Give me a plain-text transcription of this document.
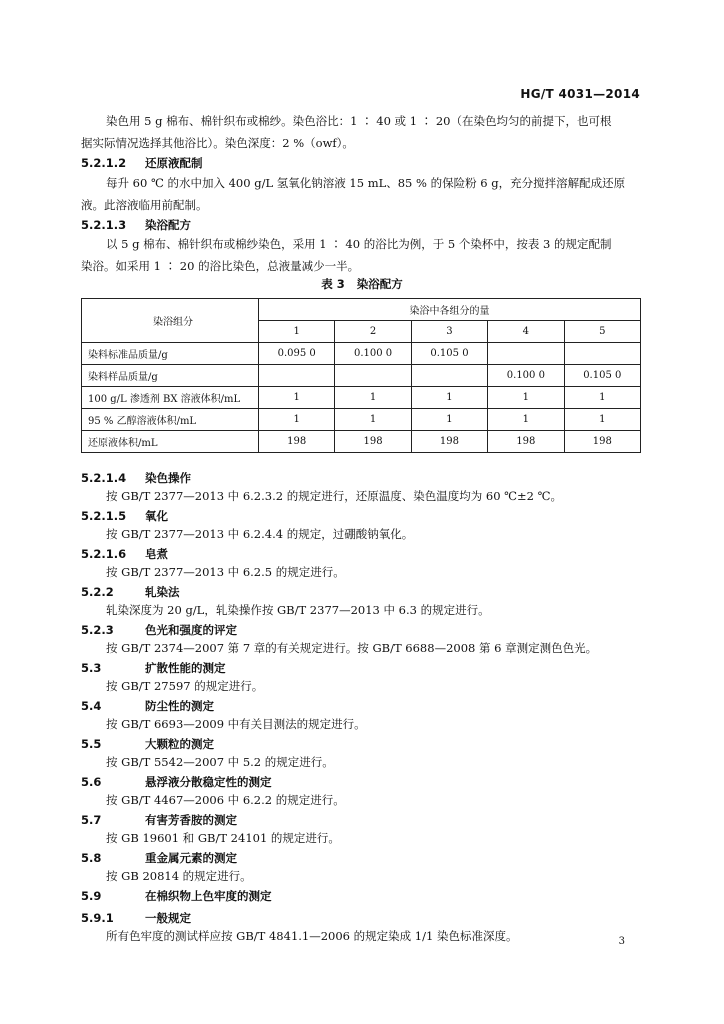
HG/T 4031—2014
染色用 5 g 棉布、棉针织布或棉纱。染色浴比：1 ∶ 40 或 1 ∶ 20（在染色均匀的前提下，也可根
据实际情况选择其他浴比）。染色深度：2 %（owf）。
5.2.1.2 还原液配制
每升 60 ℃ 的水中加入 400 g/L 氢氧化钠溶液 15 mL、85 % 的保险粉 6 g，充分搅拌溶解配成还原
液。此溶液临用前配制。
5.2.1.3 染浴配方
以 5 g 棉布、棉针织布或棉纱染色，采用 1 ∶ 40 的浴比为例，于 5 个染杯中，按表 3 的规定配制
染浴。如采用 1 ∶ 20 的浴比染色，总液量减少一半。
表 3 染浴配方
染浴组分	染浴中各组分的量				
	1	2	3	4	5
染料标准品质量/g	0.095 0	0.100 0	0.105 0		
染料样品质量/g				0.100 0	0.105 0
100 g/L 渗透剂 BX 溶液体积/mL	1	1	1	1	1
95 % 乙醇溶液体积/mL	1	1	1	1	1
还原液体积/mL	198	198	198	198	198
5.2.1.4 染色操作
按 GB/T 2377—2013 中 6.2.3.2 的规定进行，还原温度、染色温度均为 60 ℃±2 ℃。
5.2.1.5 氧化
按 GB/T 2377—2013 中 6.2.4.4 的规定，过硼酸钠氧化。
5.2.1.6 皂煮
按 GB/T 2377—2013 中 6.2.5 的规定进行。
5.2.2	轧染法
轧染深度为 20 g/L，轧染操作按 GB/T 2377—2013 中 6.3 的规定进行。
5.2.3	色光和强度的评定
按 GB/T 2374—2007 第 7 章的有关规定进行。按 GB/T 6688—2008 第 6 章测定测色色光。
5.3	扩散性能的测定
按 GB/T 27597 的规定进行。
5.4	防尘性的测定
按 GB/T 6693—2009 中有关目测法的规定进行。
5.5	大颗粒的测定
按 GB/T 5542—2007 中 5.2 的规定进行。
5.6	悬浮液分散稳定性的测定
按 GB/T 4467—2006 中 6.2.2 的规定进行。
5.7	有害芳香胺的测定
按 GB 19601 和 GB/T 24101 的规定进行。
5.8	重金属元素的测定
按 GB 20814 的规定进行。
5.9	在棉织物上色牢度的测定
5.9.1	一般规定
所有色牢度的测试样应按 GB/T 4841.1—2006 的规定染成 1/1 染色标准深度。	3
